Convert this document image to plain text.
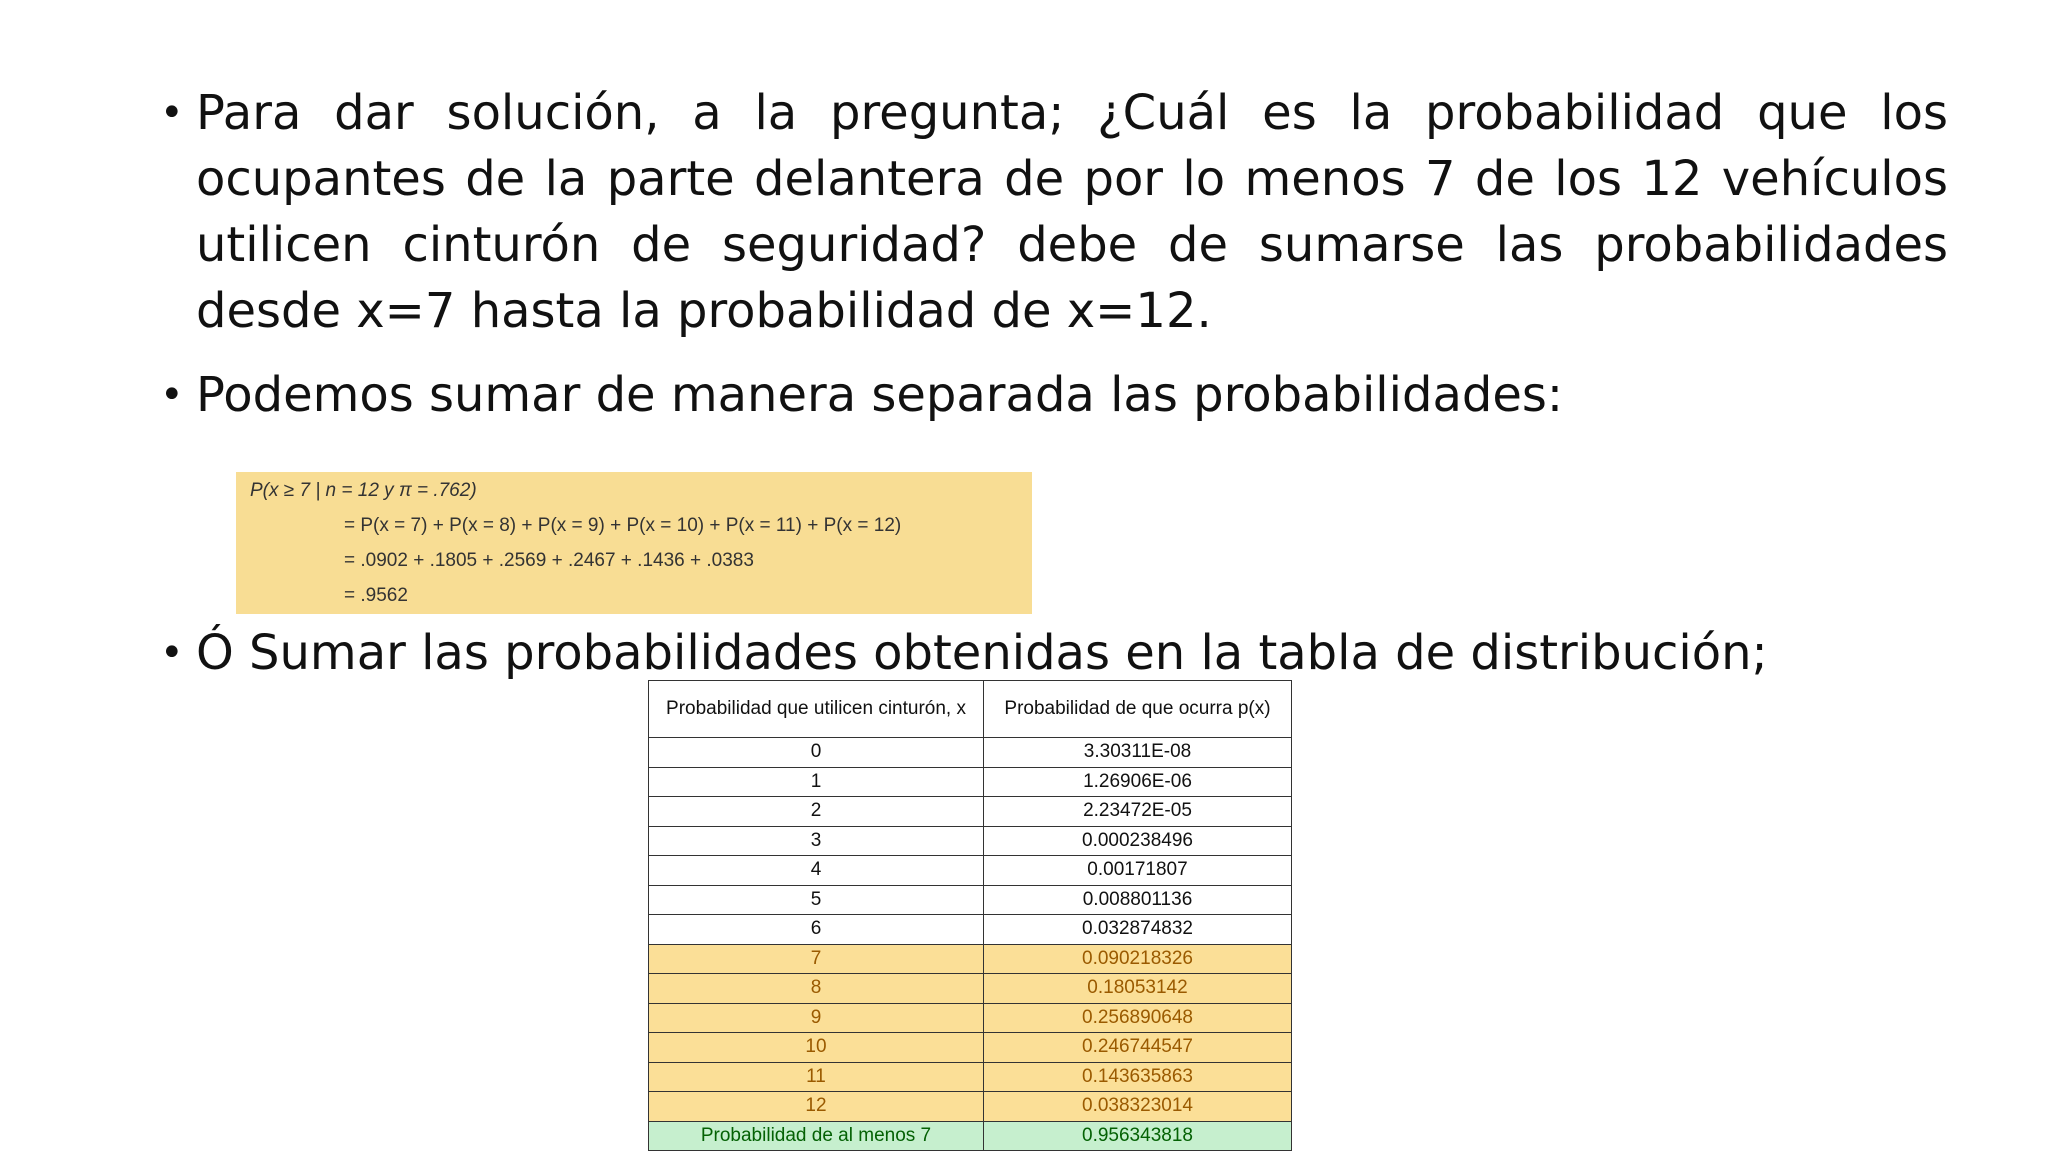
• Para dar solución, a la pregunta; ¿Cuál es la probabilidad que los ocupantes de la parte delantera de por lo menos 7 de los 12 vehículos utilicen cinturón de seguridad? debe de sumarse las probabilidades desde x=7 hasta la probabilidad de x=12.
• Podemos sumar de manera separada las probabilidades:
P(x ≥ 7 | n = 12 y π = .762)
= P(x = 7) + P(x = 8) + P(x = 9) + P(x = 10) + P(x = 11) + P(x = 12)
= .0902 + .1805 + .2569 + .2467 + .1436 + .0383
= .9562
• Ó Sumar las probabilidades obtenidas en la tabla de distribución;
Probabilidad que utilicen cinturón, x	Probabilidad de que ocurra p(x)
0	3.30311E-08
1	1.26906E-06
2	2.23472E-05
3	0.000238496
4	0.00171807
5	0.008801136
6	0.032874832
7	0.090218326
8	0.18053142
9	0.256890648
10	0.246744547
11	0.143635863
12	0.038323014
Probabilidad de al menos 7	0.956343818
